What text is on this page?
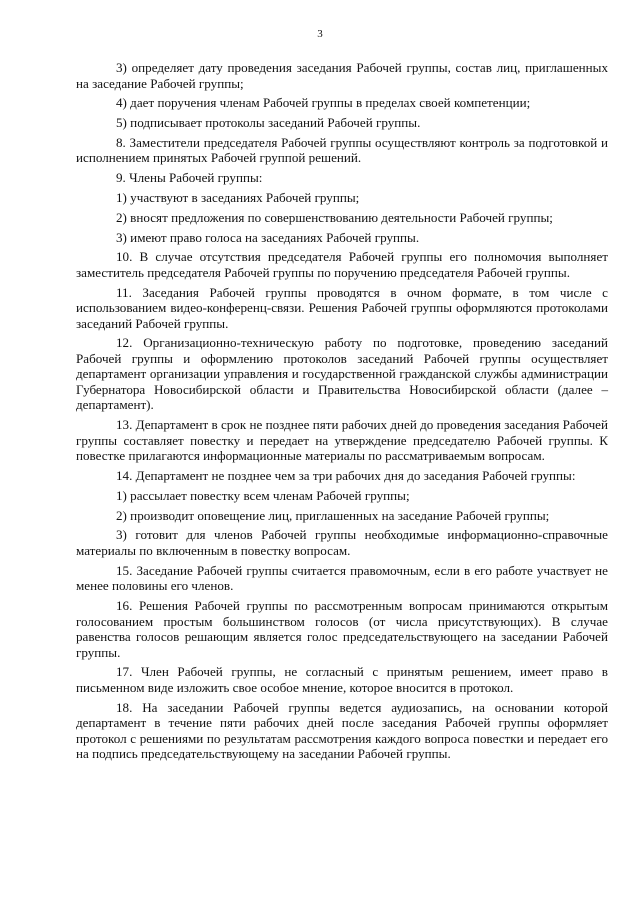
3

3) определяет дату проведения заседания Рабочей группы, состав лиц, приглашенных на заседание Рабочей группы;

4) дает поручения членам Рабочей группы в пределах своей компетенции;

5) подписывает протоколы заседаний Рабочей группы.

8. Заместители председателя Рабочей группы осуществляют контроль за подготовкой и исполнением принятых Рабочей группой решений.

9. Члены Рабочей группы:

1) участвуют в заседаниях Рабочей группы;

2) вносят предложения по совершенствованию деятельности Рабочей группы;

3) имеют право голоса на заседаниях Рабочей группы.

10. В случае отсутствия председателя Рабочей группы его полномочия выполняет заместитель председателя Рабочей группы по поручению председателя Рабочей группы.

11. Заседания Рабочей группы проводятся в очном формате, в том числе с использованием видео-конференц-связи. Решения Рабочей группы оформляются протоколами заседаний Рабочей группы.

12. Организационно-техническую работу по подготовке, проведению заседаний Рабочей группы и оформлению протоколов заседаний Рабочей группы осуществляет департамент организации управления и государственной гражданской службы администрации Губернатора Новосибирской области и Правительства Новосибирской области (далее – департамент).

13. Департамент в срок не позднее пяти рабочих дней до проведения заседания Рабочей группы составляет повестку и передает на утверждение председателю Рабочей группы. К повестке прилагаются информационные материалы по рассматриваемым вопросам.

14. Департамент не позднее чем за три рабочих дня до заседания Рабочей группы:

1) рассылает повестку всем членам Рабочей группы;

2) производит оповещение лиц, приглашенных на заседание Рабочей группы;

3) готовит для членов Рабочей группы необходимые информационно-справочные материалы по включенным в повестку вопросам.

15. Заседание Рабочей группы считается правомочным, если в его работе участвует не менее половины его членов.

16. Решения Рабочей группы по рассмотренным вопросам принимаются открытым голосованием простым большинством голосов (от числа присутствующих). В случае равенства голосов решающим является голос председательствующего на заседании Рабочей группы.

17. Член Рабочей группы, не согласный с принятым решением, имеет право в письменном виде изложить свое особое мнение, которое вносится в протокол.

18. На заседании Рабочей группы ведется аудиозапись, на основании которой департамент в течение пяти рабочих дней после заседания Рабочей группы оформляет протокол с решениями по результатам рассмотрения каждого вопроса повестки и передает его на подпись председательствующему на заседании Рабочей группы.
